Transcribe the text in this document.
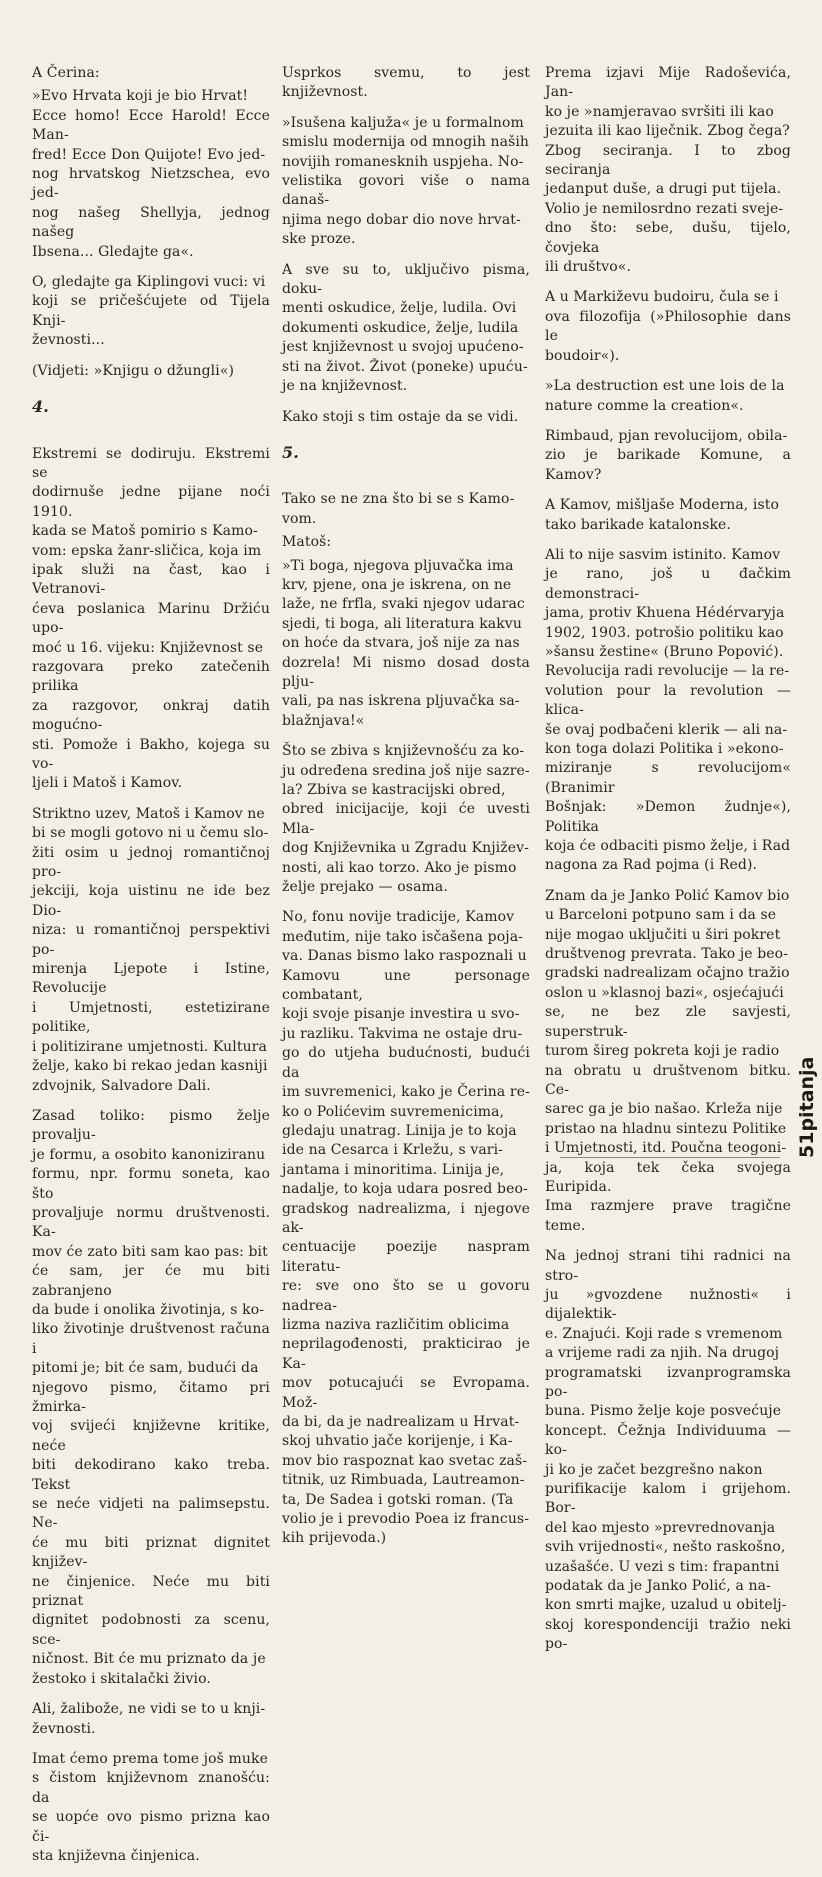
A Čerina:

»Evo Hrvata koji je bio Hrvat!
Ecce homo! Ecce Harold! Ecce Man-
fred! Ecce Don Quijote! Evo jed-
nog hrvatskog Nietzschea, evo jed-
nog našeg Shellyja, jednog našeg
Ibsena... Gledajte ga«.

O, gledajte ga Kiplingovi vuci: vi
koji se pričešćujete od Tijela Knji-
ževnosti...

(Vidjeti: »Knjigu o džungli«)

4.

Ekstremi se dodiruju. Ekstremi se
dodirnuše jedne pijane noći 1910.
kada se Matoš pomirio s Kamo-
vom: epska žanr-sličica, koja im
ipak služi na čast, kao i Vetranovi-
ćeva poslanica Marinu Držiću upo-
moć u 16. vijeku: Književnost se
razgovara preko zatečenih prilika
za razgovor, onkraj datih mogućno-
sti. Pomože i Bakho, kojega su vo-
ljeli i Matoš i Kamov.

Striktno uzev, Matoš i Kamov ne
bi se mogli gotovo ni u čemu slo-
žiti osim u jednoj romantičnoj pro-
jekciji, koja uistinu ne ide bez Dio-
niza: u romantičnoj perspektivi po-
mirenja Ljepote i Istine, Revolucije
i Umjetnosti, estetizirane politike,
i politizirane umjetnosti. Kultura
želje, kako bi rekao jedan kasniji
zdvojnik, Salvadore Dali.

Zasad toliko: pismo želje provalju-
je formu, a osobito kanoniziranu
formu, npr. formu soneta, kao što
provaljuje normu društvenosti. Ka-
mov će zato biti sam kao pas: bit
će sam, jer će mu biti zabranjeno
da bude i onolika životinja, s ko-
liko životinje društvenost računa i
pitomi je; bit će sam, budući da
njegovo pismo, čitamo pri žmirka-
voj svijeći književne kritike, neće
biti dekodirano kako treba. Tekst
se neće vidjeti na palimsepstu. Ne-
će mu biti priznat dignitet književ-
ne činjenice. Neće mu biti priznat
dignitet podobnosti za scenu, sce-
ničnost. Bit će mu priznato da je
žestoko i skitalački živio.

Ali, žalibože, ne vidi se to u knji-
ževnosti.

Imat ćemo prema tome još muke
s čistom književnom znanošću: da
se uopće ovo pismo prizna kao či-
sta književna činjenica.

Usprkos svemu, to jest književnost.

»Isušena kaljuža« je u formalnom
smislu modernija od mnogih naših
novijih romanesknih uspjeha. No-
velistika govori više o nama današ-
njima nego dobar dio nove hrvat-
ske proze.

A sve su to, uključivo pisma, doku-
menti oskudice, želje, ludila. Ovi
dokumenti oskudice, želje, ludila
jest književnost u svojoj upućeno-
sti na život. Život (poneke) upuću-
je na književnost.

Kako stoji s tim ostaje da se vidi.

5.

Tako se ne zna što bi se s Kamo-
vom.

Matoš:

»Ti boga, njegova pljuvačka ima
krv, pjene, ona je iskrena, on ne
laže, ne frfla, svaki njegov udarac
sjedi, ti boga, ali literatura kakvu
on hoće da stvara, još nije za nas
dozrela! Mi nismo dosad dosta plju-
vali, pa nas iskrena pljuvačka sa-
blažnjava!«

Što se zbiva s književnošću za ko-
ju određena sredina još nije sazre-
la? Zbiva se kastracijski obred,
obred inicijacije, koji će uvesti Mla-
dog Književnika u Zgradu Književ-
nosti, ali kao torzo. Ako je pismo
želje prejako — osama.

No, fonu novije tradicije, Kamov
međutim, nije tako isčašena poja-
va. Danas bismo lako raspoznali u
Kamovu une personage combatant,
koji svoje pisanje investira u svo-
ju razliku. Takvima ne ostaje dru-
go do utjeha budućnosti, budući da
im suvremenici, kako je Čerina re-
ko o Polićevim suvremenicima,
gledaju unatrag. Linija je to koja
ide na Cesarca i Krležu, s vari-
jantama i minoritima. Linija je,
nadalje, to koja udara posred beo-
gradskog nadrealizma, i njegove ak-
centuacije poezije naspram literatu-
re: sve ono što se u govoru nadrea-
lizma naziva različitim oblicima
neprilagođenosti, prakticirao je Ka-
mov potucajući se Evropama. Mož-
da bi, da je nadrealizam u Hrvat-
skoj uhvatio jače korijenje, i Ka-
mov bio raspoznat kao svetac zaš-
titnik, uz Rimbuada, Lautreamon-
ta, De Sadea i gotski roman. (Ta
volio je i prevodio Poea iz francus-
kih prijevoda.)

Prema izjavi Mije Radoševića, Jan-
ko je »namjeravao svršiti ili kao
jezuita ili kao liječnik. Zbog čega?
Zbog seciranja. I to zbog seciranja
jedanput duše, a drugi put tijela.
Volio je nemilosrdno rezati sveje-
dno što: sebe, dušu, tijelo, čovjeka
ili društvo«.

A u Markiževu budoiru, čula se i
ova filozofija (»Philosophie dans le
boudoir«).

»La destruction est une lois de la
nature comme la creation«.

Rimbaud, pjan revolucijom, obila-
zio je barikade Komune, a Kamov?

A Kamov, mišljaše Moderna, isto
tako barikade katalonske.

Ali to nije sasvim istinito. Kamov
je rano, još u đačkim demonstraci-
jama, protiv Khuena Hédérvaryja
1902, 1903. potrošio politiku kao
»šansu žestine« (Bruno Popović).
Revolucija radi revolucije — la re-
volution pour la revolution — klica-
še ovaj podbačeni klerik — ali na-
kon toga dolazi Politika i »ekono-
miziranje s revolucijom« (Branimir
Bošnjak: »Demon žudnje«), Politika
koja će odbaciti pismo želje, i Rad
nagona za Rad pojma (i Red).

Znam da je Janko Polić Kamov bio
u Barceloni potpuno sam i da se
nije mogao uključiti u širi pokret
društvenog prevrata. Tako je beo-
gradski nadrealizam očajno tražio
oslon u »klasnoj bazi«, osjećajući
se, ne bez zle savjesti, superstruk-
turom šireg pokreta koji je radio
na obratu u društvenom bitku. Ce-
sarec ga je bio našao. Krleža nije
pristao na hladnu sintezu Politike
i Umjetnosti, itd. Poučna teogoni-
ja, koja tek čeka svojega Euripida.
Ima razmjere prave tragične teme.

Na jednoj strani tihi radnici na stro-
ju »gvozdene nužnosti« i dijalektik-
e. Znajući. Koji rade s vremenom
a vrijeme radi za njih. Na drugoj
programatski izvanprogramska po-
buna. Pismo želje koje posvećuje
koncept. Čežnja Individuuma — ko-
ji ko je začet bezgrešno nakon
purifikacije kalom i grijehom. Bor-
del kao mjesto »prevrednovanja
svih vrijednosti«, nešto raskošno,
uzašašće. U vezi s tim: frapantni
podatak da je Janko Polić, a na-
kon smrti majke, uzalud u obitelj-
skoj korespondenciji tražio neki po-

51pitanja
